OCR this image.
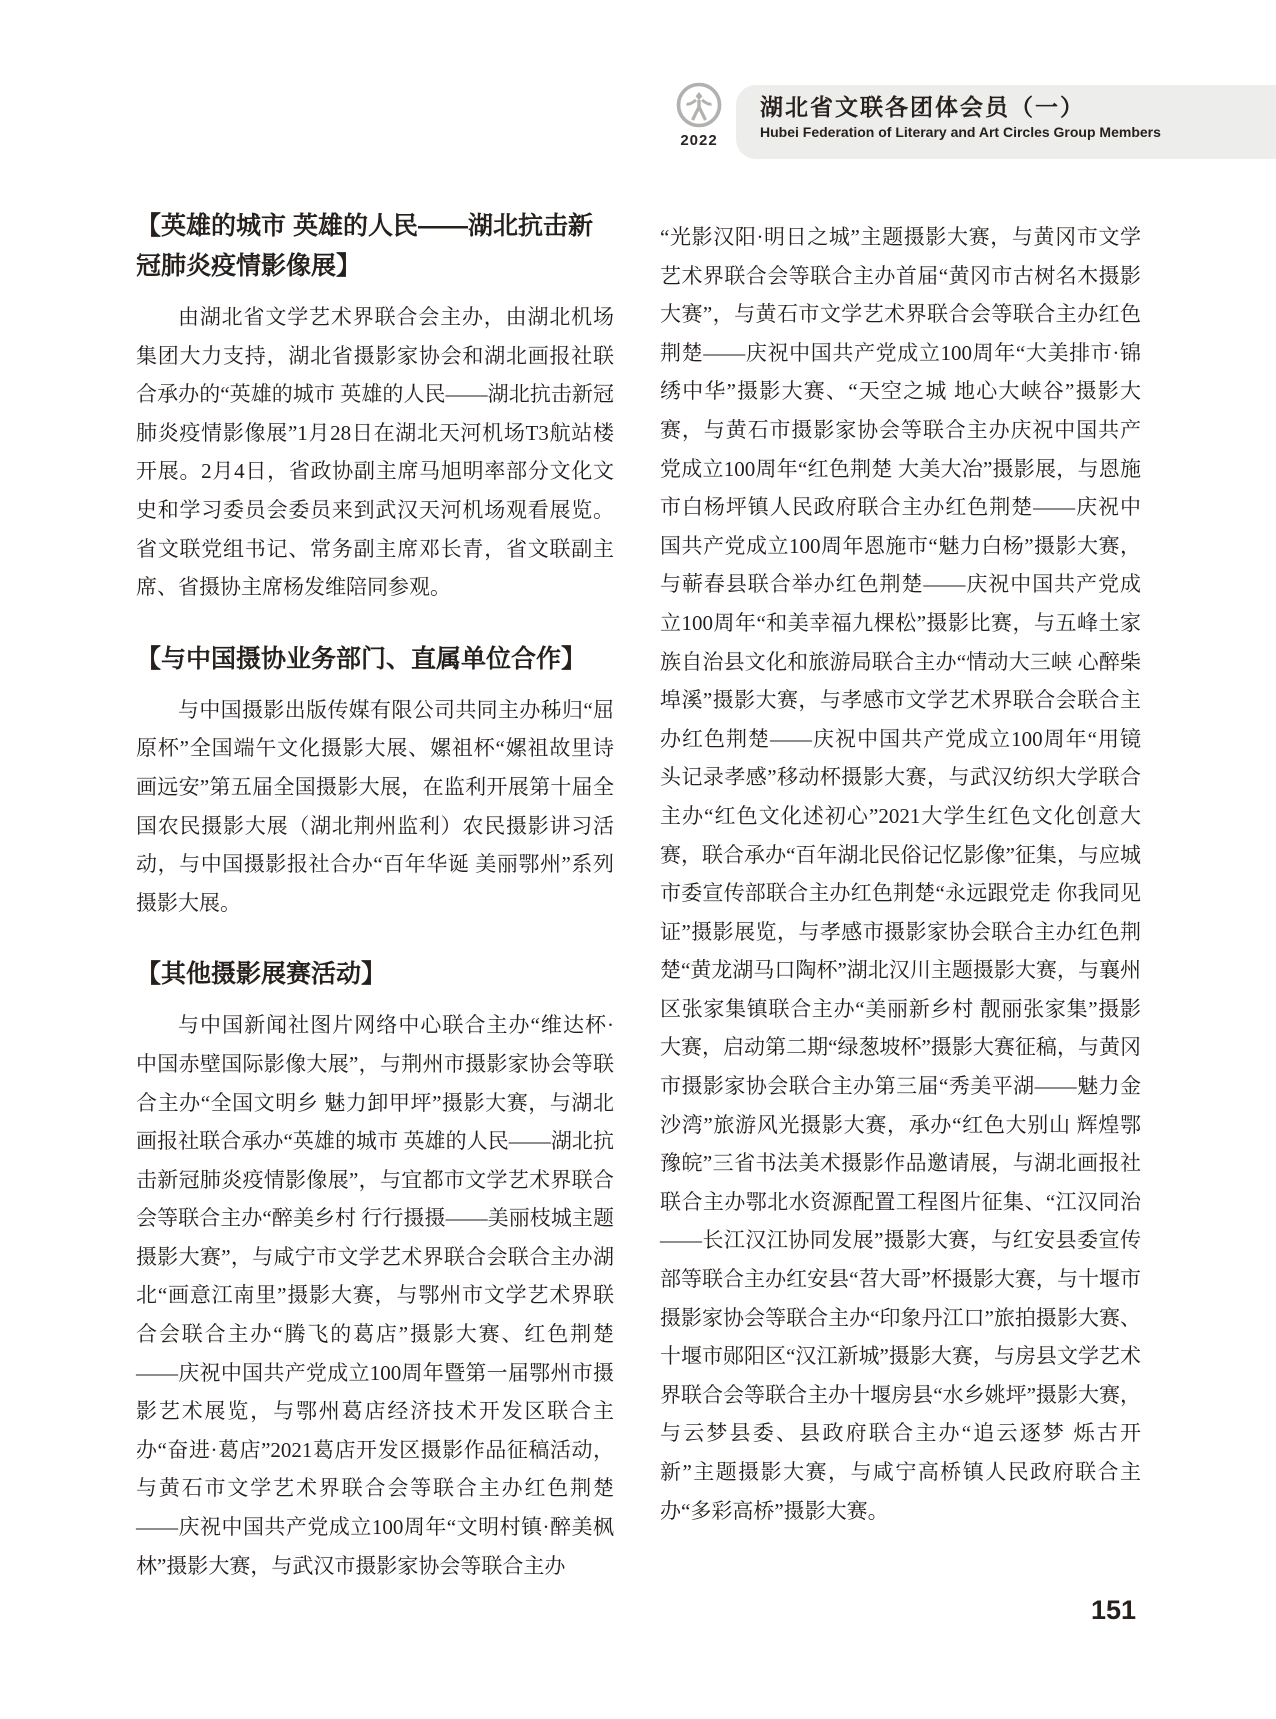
2022
湖北省文联各团体会员（一）
Hubei Federation of Literary and Art Circles Group Members
【英雄的城市 英雄的人民——湖北抗击新冠肺炎疫情影像展】

由湖北省文学艺术界联合会主办，由湖北机场集团大力支持，湖北省摄影家协会和湖北画报社联合承办的“英雄的城市 英雄的人民——湖北抗击新冠肺炎疫情影像展”1月28日在湖北天河机场T3航站楼开展。2月4日，省政协副主席马旭明率部分文化文史和学习委员会委员来到武汉天河机场观看展览。省文联党组书记、常务副主席邓长青，省文联副主席、省摄协主席杨发维陪同参观。

【与中国摄协业务部门、直属单位合作】

与中国摄影出版传媒有限公司共同主办秭归“屈原杯”全国端午文化摄影大展、嫘祖杯“嫘祖故里诗画远安”第五届全国摄影大展，在监利开展第十届全国农民摄影大展（湖北荆州监利）农民摄影讲习活动，与中国摄影报社合办“百年华诞 美丽鄂州”系列摄影大展。

【其他摄影展赛活动】

与中国新闻社图片网络中心联合主办“维达杯·中国赤壁国际影像大展”，与荆州市摄影家协会等联合主办“全国文明乡 魅力卸甲坪”摄影大赛，与湖北画报社联合承办“英雄的城市 英雄的人民——湖北抗击新冠肺炎疫情影像展”，与宜都市文学艺术界联合会等联合主办“醉美乡村 行行摄摄——美丽枝城主题摄影大赛”，与咸宁市文学艺术界联合会联合主办湖北“画意江南里”摄影大赛，与鄂州市文学艺术界联合会联合主办“腾飞的葛店”摄影大赛、红色荆楚——庆祝中国共产党成立100周年暨第一届鄂州市摄影艺术展览，与鄂州葛店经济技术开发区联合主办“奋进·葛店”2021葛店开发区摄影作品征稿活动，与黄石市文学艺术界联合会等联合主办红色荆楚——庆祝中国共产党成立100周年“文明村镇·醉美枫林”摄影大赛，与武汉市摄影家协会等联合主办

“光影汉阳·明日之城”主题摄影大赛，与黄冈市文学艺术界联合会等联合主办首届“黄冈市古树名木摄影大赛”，与黄石市文学艺术界联合会等联合主办红色荆楚——庆祝中国共产党成立100周年“大美排市·锦绣中华”摄影大赛、“天空之城 地心大峡谷”摄影大赛，与黄石市摄影家协会等联合主办庆祝中国共产党成立100周年“红色荆楚 大美大冶”摄影展，与恩施市白杨坪镇人民政府联合主办红色荆楚——庆祝中国共产党成立100周年恩施市“魅力白杨”摄影大赛，与蕲春县联合举办红色荆楚——庆祝中国共产党成立100周年“和美幸福九棵松”摄影比赛，与五峰土家族自治县文化和旅游局联合主办“情动大三峡 心醉柴埠溪”摄影大赛，与孝感市文学艺术界联合会联合主办红色荆楚——庆祝中国共产党成立100周年“用镜头记录孝感”移动杯摄影大赛，与武汉纺织大学联合主办“红色文化述初心”2021大学生红色文化创意大赛，联合承办“百年湖北民俗记忆影像”征集，与应城市委宣传部联合主办红色荆楚“永远跟党走 你我同见证”摄影展览，与孝感市摄影家协会联合主办红色荆楚“黄龙湖马口陶杯”湖北汉川主题摄影大赛，与襄州区张家集镇联合主办“美丽新乡村 靓丽张家集”摄影大赛，启动第二期“绿葱坡杯”摄影大赛征稿，与黄冈市摄影家协会联合主办第三届“秀美平湖——魅力金沙湾”旅游风光摄影大赛，承办“红色大别山 辉煌鄂豫皖”三省书法美术摄影作品邀请展，与湖北画报社联合主办鄂北水资源配置工程图片征集、“江汉同治——长江汉江协同发展”摄影大赛，与红安县委宣传部等联合主办红安县“苕大哥”杯摄影大赛，与十堰市摄影家协会等联合主办“印象丹江口”旅拍摄影大赛、十堰市郧阳区“汉江新城”摄影大赛，与房县文学艺术界联合会等联合主办十堰房县“水乡姚坪”摄影大赛，与云梦县委、县政府联合主办“追云逐梦 烁古开新”主题摄影大赛，与咸宁高桥镇人民政府联合主办“多彩高桥”摄影大赛。

151
